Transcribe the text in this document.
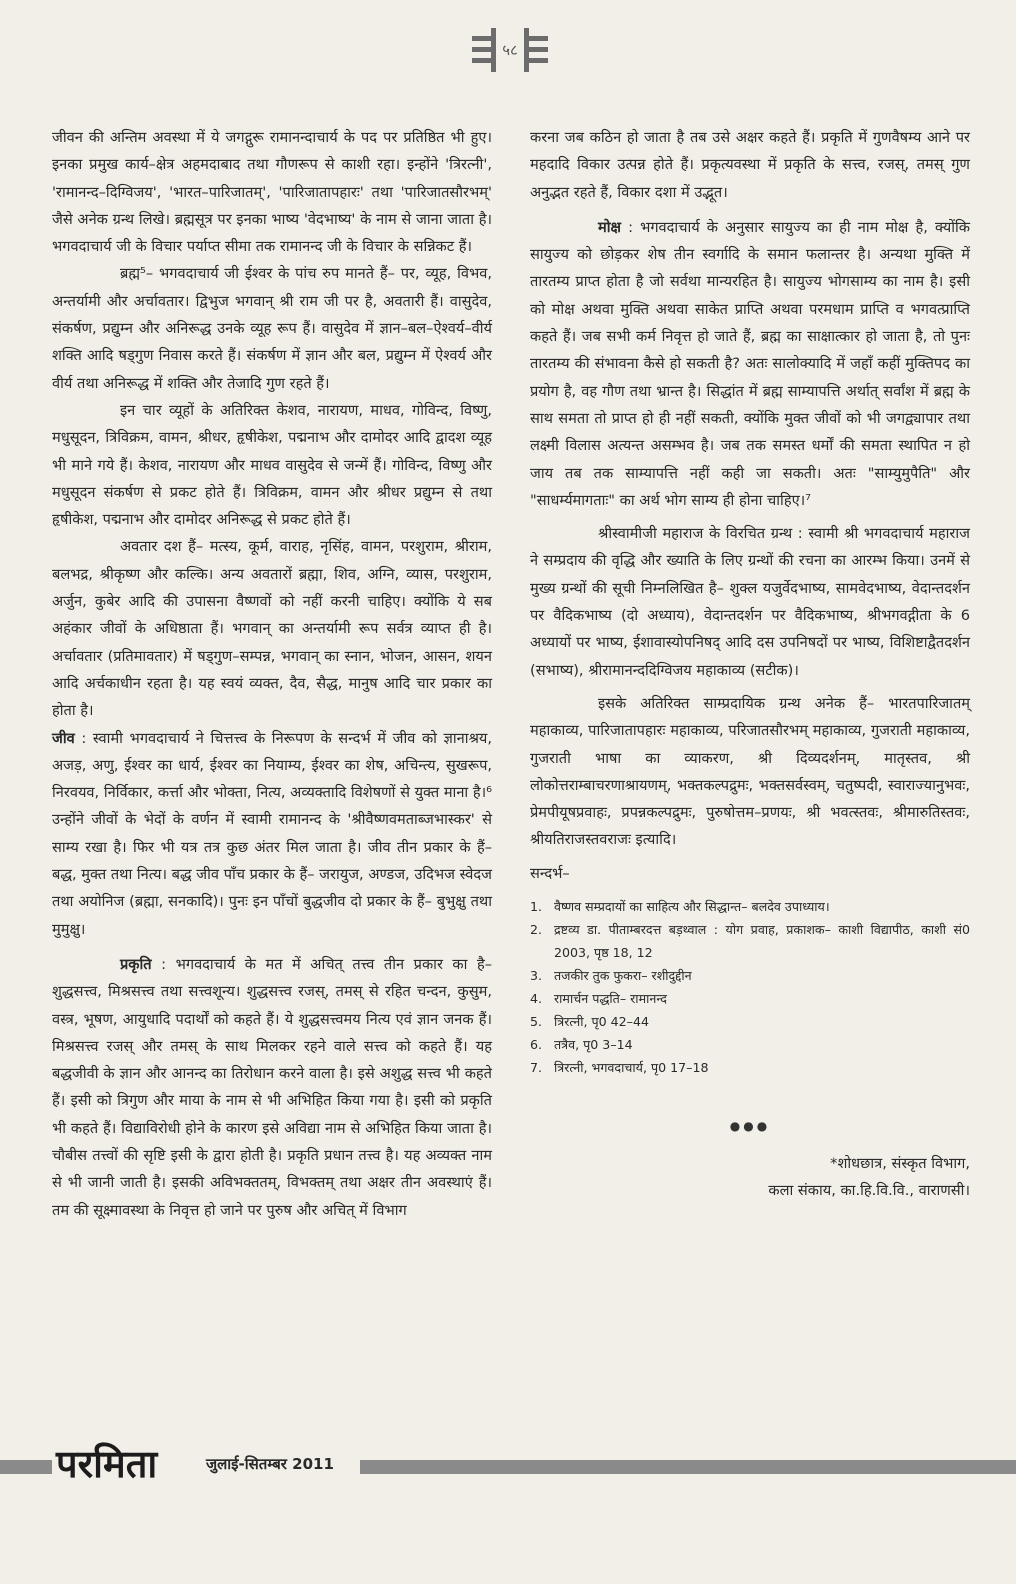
५८

जीवन की अन्तिम अवस्था में ये जगद्गुरू रामानन्दाचार्य के पद पर प्रतिष्ठित भी हुए। इनका प्रमुख कार्य–क्षेत्र अहमदाबाद तथा गौणरूप से काशी रहा। इन्होंने 'त्रिरत्नी', 'रामानन्द–दिग्विजय', 'भारत–पारिजातम्', 'पारिजातापहारः' तथा 'पारिजातसौरभम्' जैसे अनेक ग्रन्थ लिखे। ब्रह्मसूत्र पर इनका भाष्य 'वेदभाष्य' के नाम से जाना जाता है। भगवदाचार्य जी के विचार पर्याप्त सीमा तक रामानन्द जी के विचार के सन्निकट हैं।

ब्रह्म⁵– भगवदाचार्य जी ईश्वर के पांच रुप मानते हैं– पर, व्यूह, विभव, अन्तर्यामी और अर्चावतार। द्विभुज भगवान् श्री राम जी पर है, अवतारी हैं। वासुदेव, संकर्षण, प्रद्युम्न और अनिरूद्ध उनके व्यूह रूप हैं। वासुदेव में ज्ञान–बल–ऐश्वर्य–वीर्य शक्ति आदि षड्गुण निवास करते हैं। संकर्षण में ज्ञान और बल, प्रद्युम्न में ऐश्वर्य और वीर्य तथा अनिरूद्ध में शक्ति और तेजादि गुण रहते हैं।

इन चार व्यूहों के अतिरिक्त केशव, नारायण, माधव, गोविन्द, विष्णु, मधुसूदन, त्रिविक्रम, वामन, श्रीधर, हृषीकेश, पद्मनाभ और दामोदर आदि द्वादश व्यूह भी माने गये हैं। केशव, नारायण और माधव वासुदेव से जन्में हैं। गोविन्द, विष्णु और मधुसूदन संकर्षण से प्रकट होते हैं। त्रिविक्रम, वामन और श्रीधर प्रद्युम्न से तथा हृषीकेश, पद्मनाभ और दामोदर अनिरूद्ध से प्रकट होते हैं।

अवतार दश हैं– मत्स्य, कूर्म, वाराह, नृसिंह, वामन, परशुराम, श्रीराम, बलभद्र, श्रीकृष्ण और कल्कि। अन्य अवतारों ब्रह्मा, शिव, अग्नि, व्यास, परशुराम, अर्जुन, कुबेर आदि की उपासना वैष्णवों को नहीं करनी चाहिए। क्योंकि ये सब अहंकार जीवों के अधिष्ठाता हैं। भगवान् का अन्तर्यामी रूप सर्वत्र व्याप्त ही है। अर्चावतार (प्रतिमावतार) में षड्गुण–सम्पन्न, भगवान् का स्नान, भोजन, आसन, शयन आदि अर्चकाधीन रहता है। यह स्वयं व्यक्त, दैव, सैद्ध, मानुष आदि चार प्रकार का होता है।

जीव : स्वामी भगवदाचार्य ने चित्तत्त्व के निरूपण के सन्दर्भ में जीव को ज्ञानाश्रय, अजड़, अणु, ईश्वर का धार्य, ईश्वर का नियाम्य, ईश्वर का शेष, अचिन्त्य, सुखरूप, निरवयव, निर्विकार, कर्त्ता और भोक्ता, नित्य, अव्यक्तादि विशेषणों से युक्त माना है।⁶ उन्होंने जीवों के भेदों के वर्णन में स्वामी रामानन्द के 'श्रीवैष्णवमताब्जभास्कर' से साम्य रखा है। फिर भी यत्र तत्र कुछ अंतर मिल जाता है। जीव तीन प्रकार के हैं– बद्ध, मुक्त तथा नित्य। बद्ध जीव पाँच प्रकार के हैं– जरायुज, अण्डज, उदिभज स्वेदज तथा अयोनिज (ब्रह्मा, सनकादि)। पुनः इन पाँचों बुद्धजीव दो प्रकार के हैं– बुभुक्षु तथा मुमुक्षु।

प्रकृति : भगवदाचार्य के मत में अचित् तत्त्व तीन प्रकार का है– शुद्धसत्त्व, मिश्रसत्त्व तथा सत्त्वशून्य। शुद्धसत्त्व रजस्, तमस् से रहित चन्दन, कुसुम, वस्त्र, भूषण, आयुधादि पदार्थों को कहते हैं। ये शुद्धसत्त्वमय नित्य एवं ज्ञान जनक हैं। मिश्रसत्त्व रजस् और तमस् के साथ मिलकर रहने वाले सत्त्व को कहते हैं। यह बद्धजीवी के ज्ञान और आनन्द का तिरोधान करने वाला है। इसे अशुद्ध सत्त्व भी कहते हैं। इसी को त्रिगुण और माया के नाम से भी अभिहित किया गया है। इसी को प्रकृति भी कहते हैं। विद्याविरोधी होने के कारण इसे अविद्या नाम से अभिहित किया जाता है। चौबीस तत्त्वों की सृष्टि इसी के द्वारा होती है। प्रकृति प्रधान तत्त्व है। यह अव्यक्त नाम से भी जानी जाती है। इसकी अविभक्ततम्, विभक्तम् तथा अक्षर तीन अवस्थाएं हैं। तम की सूक्ष्मावस्था के निवृत्त हो जाने पर पुरुष और अचित् में विभाग

करना जब कठिन हो जाता है तब उसे अक्षर कहते हैं। प्रकृति में गुणवैषम्य आने पर महदादि विकार उत्पन्न होते हैं। प्रकृत्यवस्था में प्रकृति के सत्त्व, रजस्, तमस् गुण अनुद्भत रहते हैं, विकार दशा में उद्भूत।

मोक्ष : भगवदाचार्य के अनुसार सायुज्य का ही नाम मोक्ष है, क्योंकि सायुज्य को छोड़कर शेष तीन स्वर्गादि के समान फलान्तर है। अन्यथा मुक्ति में तारतम्य प्राप्त होता है जो सर्वथा मान्यरहित है। सायुज्य भोगसाम्य का नाम है। इसी को मोक्ष अथवा मुक्ति अथवा साकेत प्राप्ति अथवा परमधाम प्राप्ति व भगवत्प्राप्ति कहते हैं। जब सभी कर्म निवृत्त हो जाते हैं, ब्रह्म का साक्षात्कार हो जाता है, तो पुनः तारतम्य की संभावना कैसे हो सकती है? अतः सालोक्यादि में जहाँ कहीं मुक्तिपद का प्रयोग है, वह गौण तथा भ्रान्त है। सिद्धांत में ब्रह्म साम्यापत्ति अर्थात् सर्वांश में ब्रह्म के साथ समता तो प्राप्त हो ही नहीं सकती, क्योंकि मुक्त जीवों को भी जगद्व्यापार तथा लक्ष्मी विलास अत्यन्त असम्भव है। जब तक समस्त धर्मों की समता स्थापित न हो जाय तब तक साम्यापत्ति नहीं कही जा सकती। अतः "साम्युमुपैति" और "साधर्म्यमागताः" का अर्थ भोग साम्य ही होना चाहिए।⁷

श्रीस्वामीजी महाराज के विरचित ग्रन्थ : स्वामी श्री भगवदाचार्य महाराज ने सम्प्रदाय की वृद्धि और ख्याति के लिए ग्रन्थों की रचना का आरम्भ किया। उनमें से मुख्य ग्रन्थों की सूची निम्नलिखित है– शुक्ल यजुर्वेदभाष्य, सामवेदभाष्य, वेदान्तदर्शन पर वैदिकभाष्य (दो अध्याय), वेदान्तदर्शन पर वैदिकभाष्य, श्रीभगवद्गीता के 6 अध्यायों पर भाष्य, ईशावास्योपनिषद् आदि दस उपनिषदों पर भाष्य, विशिष्टाद्वैतदर्शन (सभाष्य), श्रीरामानन्ददिग्विजय महाकाव्य (सटीक)।

इसके अतिरिक्त साम्प्रदायिक ग्रन्थ अनेक हैं– भारतपारिजातम् महाकाव्य, पारिजातापहारः महाकाव्य, परिजातसौरभम् महाकाव्य, गुजराती महाकाव्य, गुजराती भाषा का व्याकरण, श्री दिव्यदर्शनम्, मातृस्तव, श्री लोकोत्तराम्बाचरणाश्रायणम्, भक्तकल्पद्रुमः, भक्तसर्वस्वम्, चतुष्पदी, स्वाराज्यानुभवः, प्रेमपीयूषप्रवाहः, प्रपन्नकल्पद्रुमः, पुरुषोत्तम–प्रणयः, श्री भवत्स्तवः, श्रीमारुतिस्तवः, श्रीयतिराजस्तवराजः इत्यादि।

सन्दर्भ–

1. वैष्णव सम्प्रदायों का साहित्य और सिद्धान्त– बलदेव उपाध्याय।
2. द्रष्टव्य डा. पीताम्बरदत्त बड़थ्वाल : योग प्रवाह, प्रकाशक– काशी विद्यापीठ, काशी सं0 2003, पृष्ठ 18, 12
3. तजकीर तुक फुकरा– रशीदुद्दीन
4. रामार्चन पद्धति– रामानन्द
5. त्रिरत्नी, पृ0 42–44
6. तत्रैव, पृ0 3–14
7. त्रिरत्नी, भगवदाचार्य, पृ0 17–18
●●●

*शोधछात्र, संस्कृत विभाग,

कला संकाय, का.हि.वि.वि., वाराणसी।

परमिता	जुलाई-सितम्बर 2011
